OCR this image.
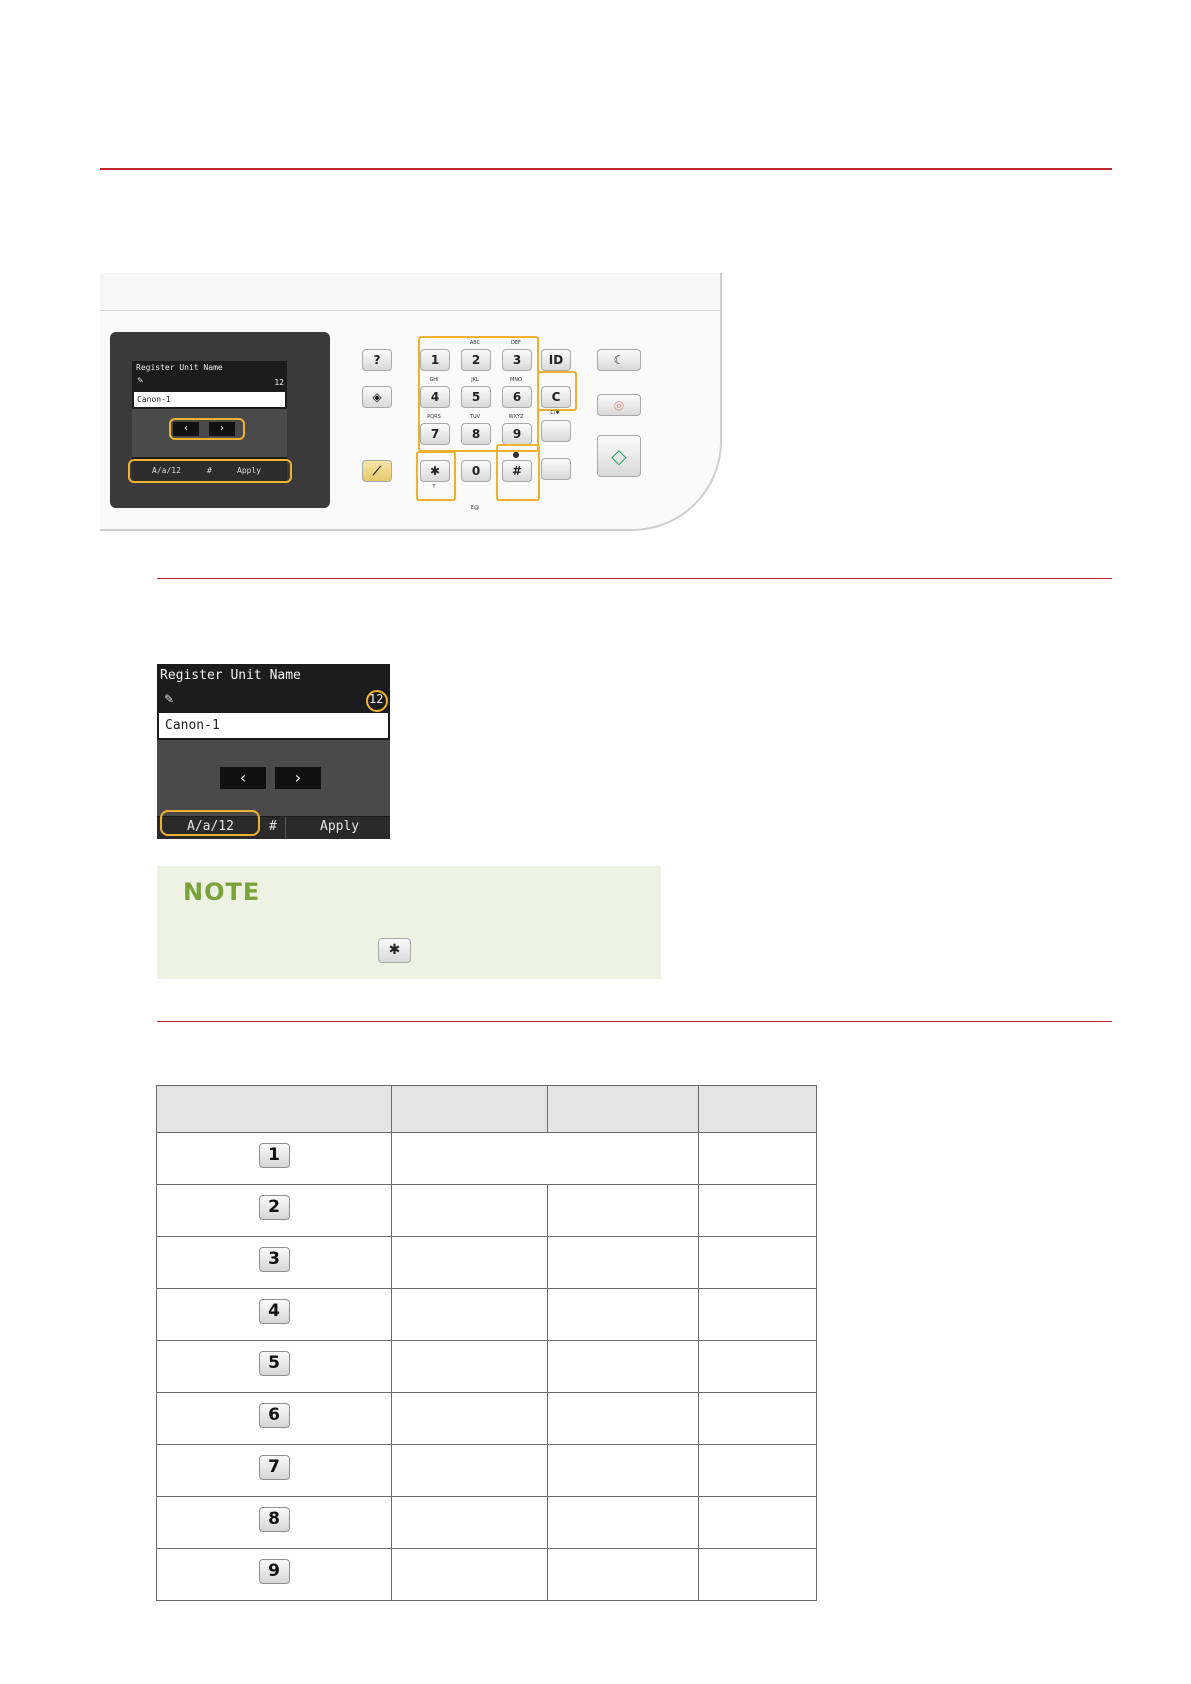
Register Unit Name
✎	12
Canon-1
‹	›
A/a/12	#	Apply
?
◈
⟋
ABC	DEF
1	2	3
GHI	JKL	MNO
4	5	6
PQRS	TUV	WXYZ
7	8	9
✱
T
0
E@
●
#
ID
C
C/✱
☾
◎
◇
Register Unit Name
✎	12
Canon-1
‹	›
A/a/12	#	Apply
NOTE
✱

1			
2			
3			
4			
5			
6			
7			
8			
9			
